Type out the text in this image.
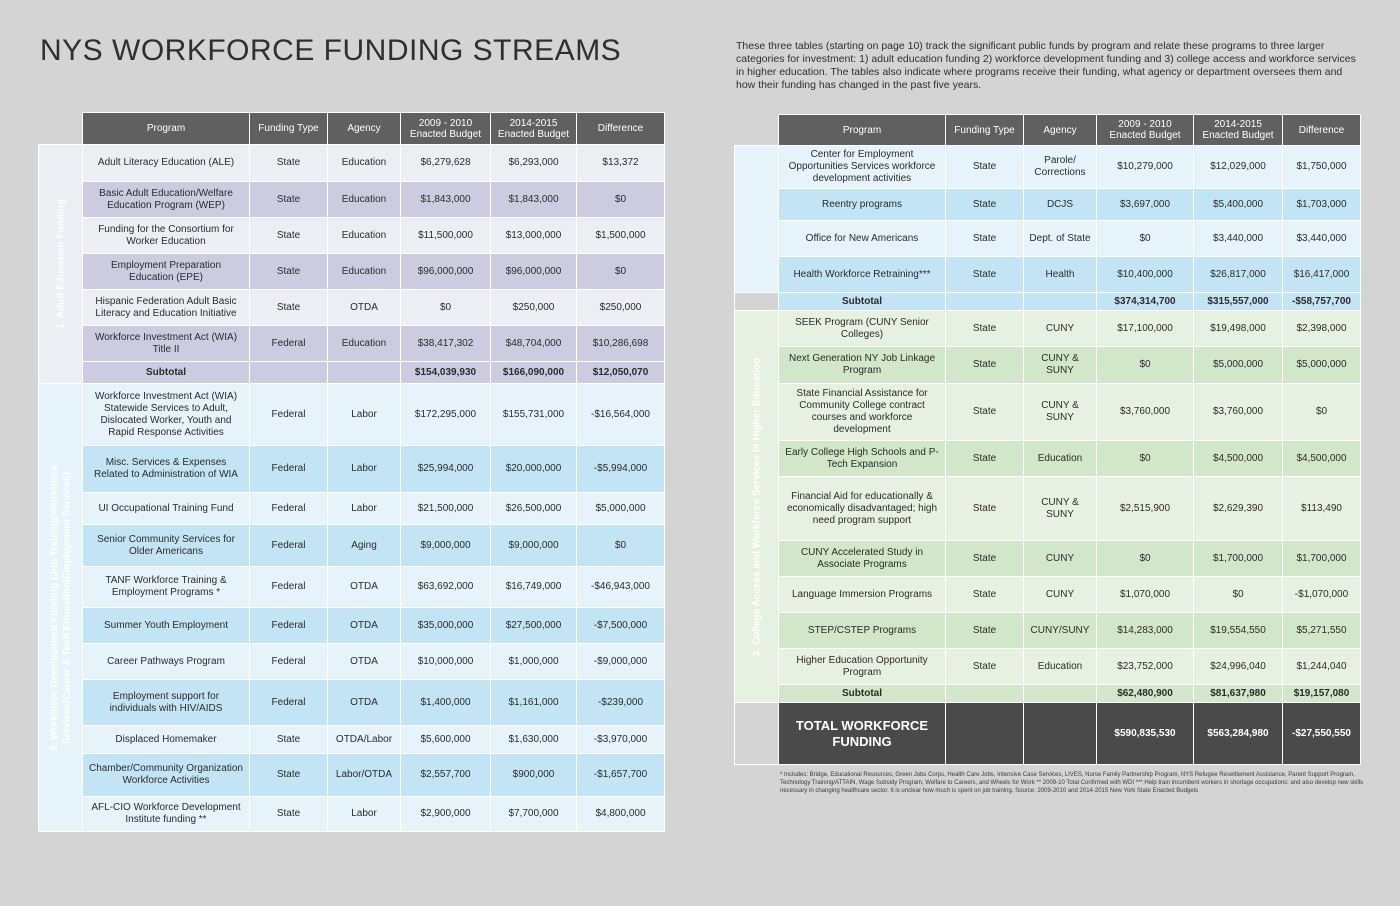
NYS WORKFORCE FUNDING STREAMS	These three tables (starting on page 10) track the significant public funds by program and relate these programs to three larger categories for investment: 1) adult education funding 2) workforce development funding and 3) college access and workforce services in higher education. The tables also indicate where programs receive their funding, what agency or department oversees them and how their funding has changed in the past five years.
	Program	Funding Type	Agency	2009 - 2010 Enacted Budget	2014-2015 Enacted Budget	Difference

1. Adult Education Funding	Adult Literacy Education (ALE)	State	Education	$6,279,628	$6,293,000	$13,372
	Basic Adult Education/Welfare Education Program (WEP)	State	Education	$1,843,000	$1,843,000	$0
	Funding for the Consortium for Worker Education	State	Education	$11,500,000	$13,000,000	$1,500,000
	Employment Preparation Education (EPE)	State	Education	$96,000,000	$96,000,000	$0
	Hispanic Federation Adult Basic Literacy and Education Initiative	State	OTDA	$0	$250,000	$250,000
	Workforce Investment Act (WIA) Title II	Federal	Education	$38,417,302	$48,704,000	$10,286,698
	Subtotal			$154,039,930	$166,090,000	$12,050,070

2. Workforce Development Funding (Job Training/Workforce Services/Career & Tech Education/Employment Services)	Workforce Investment Act (WIA) Statewide Services to Adult, Dislocated Worker, Youth and Rapid Response Activities	Federal	Labor	$172,295,000	$155,731,000	-$16,564,000
	Misc. Services & Expenses Related to Administration of WIA	Federal	Labor	$25,994,000	$20,000,000	-$5,994,000
	UI Occupational Training Fund	Federal	Labor	$21,500,000	$26,500,000	$5,000,000
	Senior Community Services for Older Americans	Federal	Aging	$9,000,000	$9,000,000	$0
	TANF Workforce Training & Employment Programs *	Federal	OTDA	$63,692,000	$16,749,000	-$46,943,000
	Summer Youth Employment	Federal	OTDA	$35,000,000	$27,500,000	-$7,500,000
	Career Pathways Program	Federal	OTDA	$10,000,000	$1,000,000	-$9,000,000
	Employment support for individuals with HIV/AIDS	Federal	OTDA	$1,400,000	$1,161,000	-$239,000
	Displaced Homemaker	State	OTDA/Labor	$5,600,000	$1,630,000	-$3,970,000
	Chamber/Community Organization Workforce Activities	State	Labor/OTDA	$2,557,700	$900,000	-$1,657,700
	AFL-CIO Workforce Development Institute funding **	State	Labor	$2,900,000	$7,700,000	$4,800,000
	Program	Funding Type	Agency	2009 - 2010 Enacted Budget	2014-2015 Enacted Budget	Difference
	Center for Employment Opportunities Services workforce development activities	State	Parole/ Corrections	$10,279,000	$12,029,000	$1,750,000
	Reentry programs	State	DCJS	$3,697,000	$5,400,000	$1,703,000
	Office for New Americans	State	Dept. of State	$0	$3,440,000	$3,440,000
	Health Workforce Retraining***	State	Health	$10,400,000	$26,817,000	$16,417,000
	Subtotal			$374,314,700	$315,557,000	-$58,757,700

3. College Access and Workforce Services in Higher Education	SEEK Program (CUNY Senior Colleges)	State	CUNY	$17,100,000	$19,498,000	$2,398,000
	Next Generation NY Job Linkage Program	State	CUNY & SUNY	$0	$5,000,000	$5,000,000
	State Financial Assistance for Community College contract courses and workforce development	State	CUNY & SUNY	$3,760,000	$3,760,000	$0
	Early College High Schools and P-Tech Expansion	State	Education	$0	$4,500,000	$4,500,000
	Financial Aid for educationally & economically disadvantaged; high need program support	State	CUNY & SUNY	$2,515,900	$2,629,390	$113,490
	CUNY Accelerated Study in Associate Programs	State	CUNY	$0	$1,700,000	$1,700,000
	Language Immersion Programs	State	CUNY	$1,070,000	$0	-$1,070,000
	STEP/CSTEP Programs	State	CUNY/SUNY	$14,283,000	$19,554,550	$5,271,550
	Higher Education Opportunity Program	State	Education	$23,752,000	$24,996,040	$1,244,040
	Subtotal			$62,480,900	$81,637,980	$19,157,080
	TOTAL WORKFORCE FUNDING			$590,835,530	$563,284,980	-$27,550,550
* Includes: Bridge, Educational Resources, Green Jobs Corps, Health Care Jobs, Intensive Case Services, LIVES, Nurse Family Partnership Program, NYS Refugee Resettlement Assistance, Parent Support Program, Technology Training/ATTAIN, Wage Subsidy Program, Welfare to Careers, and Wheels for Work ** 2009-10 Total Confirmed with WDI *** Help train incumbent workers in shortage occupations; and also develop new skills necessary in changing healthcare sector. It is unclear how much is spent on job training. Source: 2009-2010 and 2014-2015 New York State Enacted Budgets
